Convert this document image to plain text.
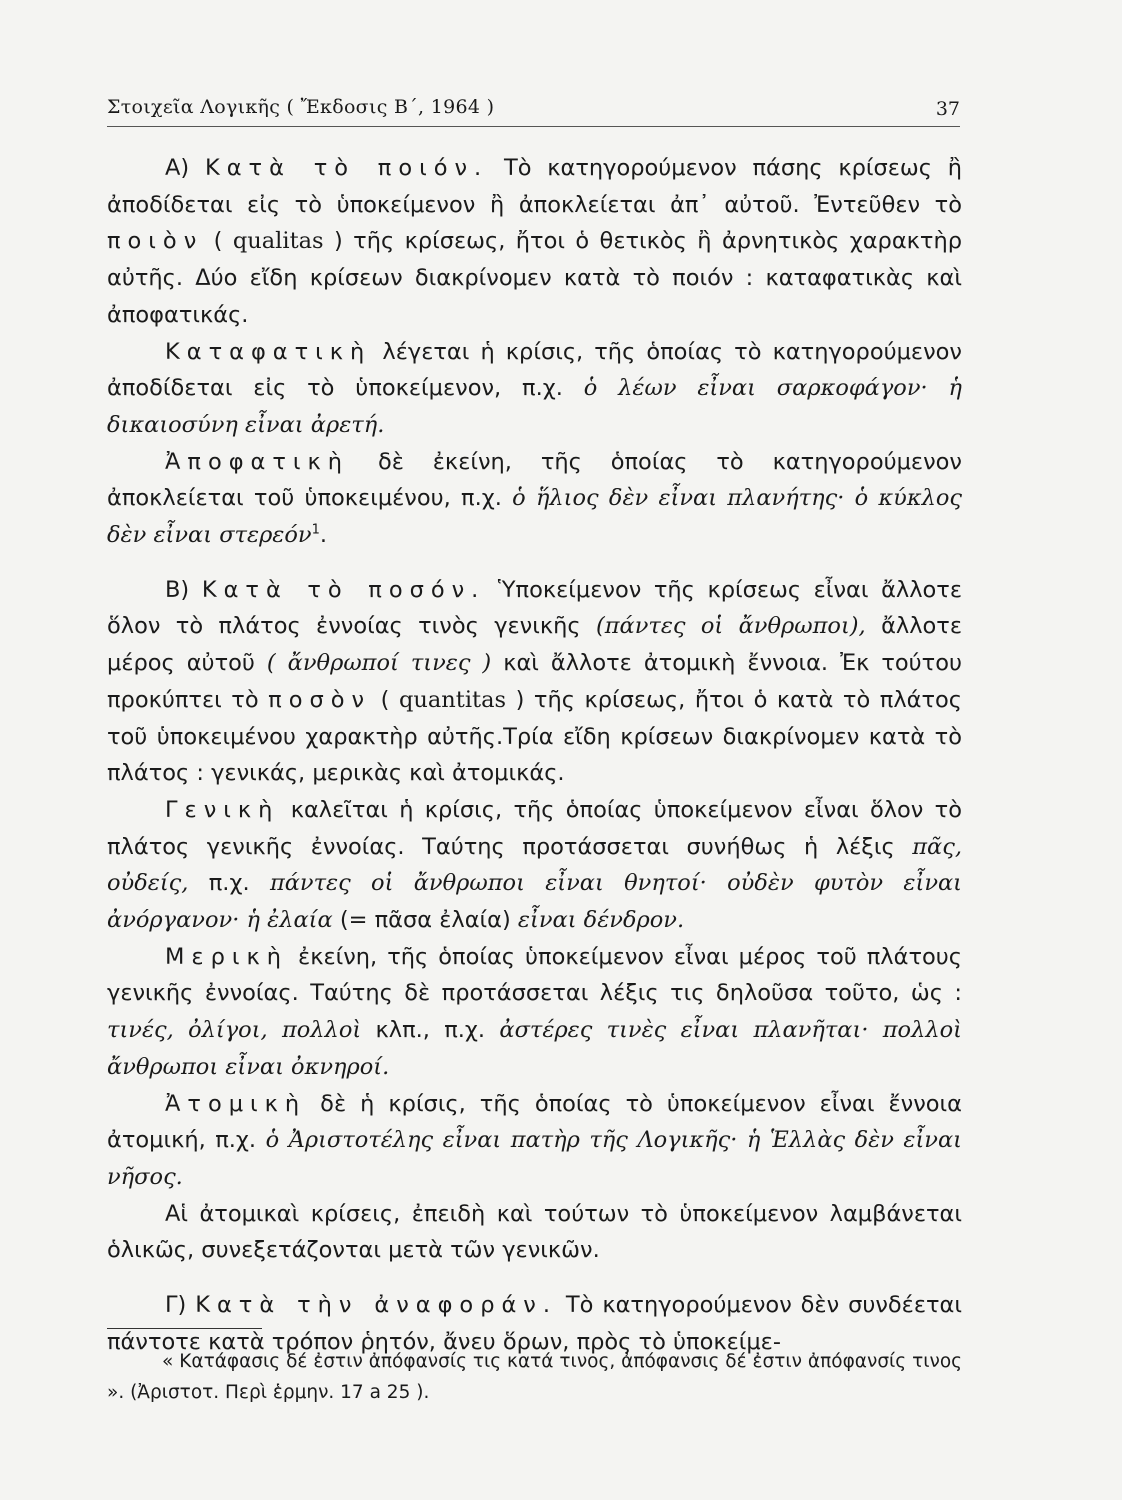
Στοιχεῖα Λογικῆς ( Ἔκδοσις Β΄, 1964 )	37

Α) Κατὰ τὸ ποιόν. Τὸ κατηγορούμενον πάσης κρίσεως ἢ ἀποδίδεται εἰς τὸ ὑποκείμενον ἢ ἀποκλείεται ἀπ᾽ αὐτοῦ. Ἐντεῦθεν τὸ ποιὸν ( qualitas ) τῆς κρίσεως, ἤτοι ὁ θετικὸς ἢ ἀρνητικὸς χαρακτὴρ αὐτῆς. Δύο εἴδη κρίσεων διακρίνομεν κατὰ τὸ ποιόν : καταφατικὰς καὶ ἀποφατικάς.

Καταφατικὴ λέγεται ἡ κρίσις, τῆς ὁποίας τὸ κατηγορούμενον ἀποδίδεται εἰς τὸ ὑποκείμενον, π.χ. ὁ λέων εἶναι σαρκοφάγον· ἡ δικαιοσύνη εἶναι ἀρετή.

Ἀποφατικὴ δὲ ἐκείνη, τῆς ὁποίας τὸ κατηγορούμενον ἀποκλείεται τοῦ ὑποκειμένου, π.χ. ὁ ἥλιος δὲν εἶναι πλανήτης· ὁ κύκλος δὲν εἶναι στερεόν$^1$.

Β) Κατὰ τὸ ποσόν. Ὑποκείμενον τῆς κρίσεως εἶναι ἄλλοτε ὅλον τὸ πλάτος ἐννοίας τινὸς γενικῆς (πάντες οἱ ἄνθρωποι), ἄλλοτε μέρος αὐτοῦ ( ἄνθρωποί τινες ) καὶ ἄλλοτε ἀτομικὴ ἔννοια. Ἐκ τούτου προκύπτει τὸ ποσὸν ( quantitas ) τῆς κρίσεως, ἤτοι ὁ κατὰ τὸ πλάτος τοῦ ὑποκειμένου χαρακτὴρ αὐτῆς.Τρία εἴδη κρίσεων διακρίνομεν κατὰ τὸ πλάτος : γενικάς, μερικὰς καὶ ἀτομικάς.

Γενικὴ καλεῖται ἡ κρίσις, τῆς ὁποίας ὑποκείμενον εἶναι ὅλον τὸ πλάτος γενικῆς ἐννοίας. Ταύτης προτάσσεται συνήθως ἡ λέξις πᾶς, οὐδείς, π.χ. πάντες οἱ ἄνθρωποι εἶναι θνητοί· οὐδὲν φυτὸν εἶναι ἀνόργανον· ἡ ἐλαία (= πᾶσα ἐλαία) εἶναι δένδρον.

Μερικὴ ἐκείνη, τῆς ὁποίας ὑποκείμενον εἶναι μέρος τοῦ πλάτους γενικῆς ἐννοίας. Ταύτης δὲ προτάσσεται λέξις τις δηλοῦσα τοῦτο, ὡς : τινές, ὀλίγοι, πολλοὶ κλπ., π.χ. ἀστέρες τινὲς εἶναι πλανῆται· πολλοὶ ἄνθρωποι εἶναι ὀκνηροί.

Ἀτομικὴ δὲ ἡ κρίσις, τῆς ὁποίας τὸ ὑποκείμενον εἶναι ἔννοια ἀτομική, π.χ. ὁ Ἀριστοτέλης εἶναι πατὴρ τῆς Λογικῆς· ἡ Ἑλλὰς δὲν εἶναι νῆσος.

Αἱ ἀτομικαὶ κρίσεις, ἐπειδὴ καὶ τούτων τὸ ὑποκείμενον λαμβάνεται ὁλικῶς, συνεξετάζονται μετὰ τῶν γενικῶν.

Γ) Κατὰ τὴν ἀναφοράν. Τὸ κατηγορούμενον δὲν συνδέεται πάντοτε κατὰ τρόπον ῥητόν, ἄνευ ὅρων, πρὸς τὸ ὑποκείμε-

« Κατάφασις δέ ἐστιν ἀπόφανσίς τις κατά τινος, ἀπόφανσις δέ ἐστιν ἀπόφανσίς τινος ». (Ἀριστοτ. Περὶ ἑρμην. 17 a 25 ).
